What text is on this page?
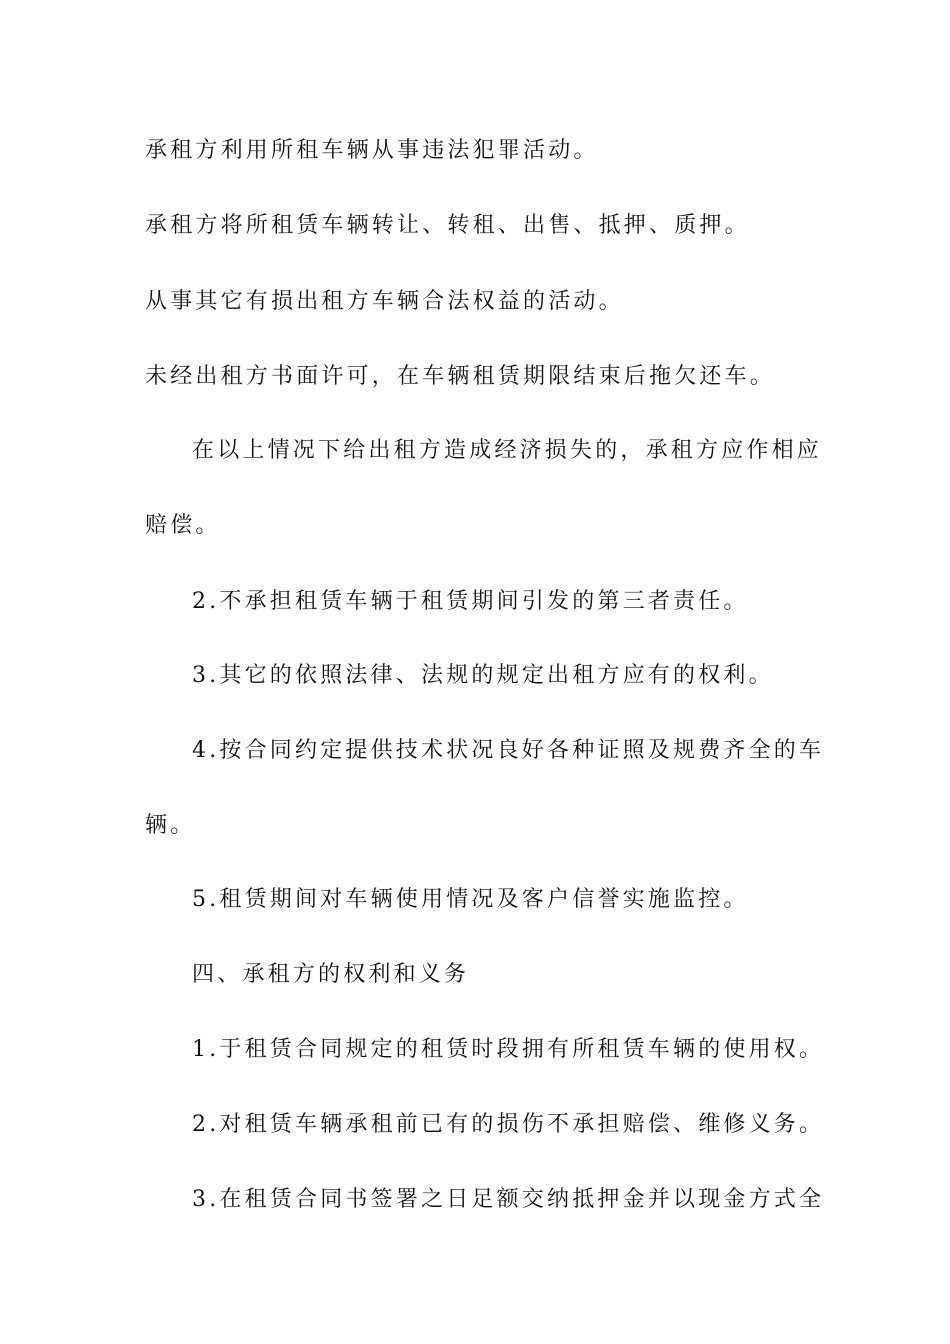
承租方利用所租车辆从事违法犯罪活动。
承租方将所租赁车辆转让、转租、出售、抵押、质押。
从事其它有损出租方车辆合法权益的活动。
未经出租方书面许可，在车辆租赁期限结束后拖欠还车。
在以上情况下给出租方造成经济损失的，承租方应作相应
赔偿。
2.不承担租赁车辆于租赁期间引发的第三者责任。
3.其它的依照法律、法规的规定出租方应有的权利。
4.按合同约定提供技术状况良好各种证照及规费齐全的车
辆。
5.租赁期间对车辆使用情况及客户信誉实施监控。
四、承租方的权利和义务
1.于租赁合同规定的租赁时段拥有所租赁车辆的使用权。
2.对租赁车辆承租前已有的损伤不承担赔偿、维修义务。
3.在租赁合同书签署之日足额交纳抵押金并以现金方式全
